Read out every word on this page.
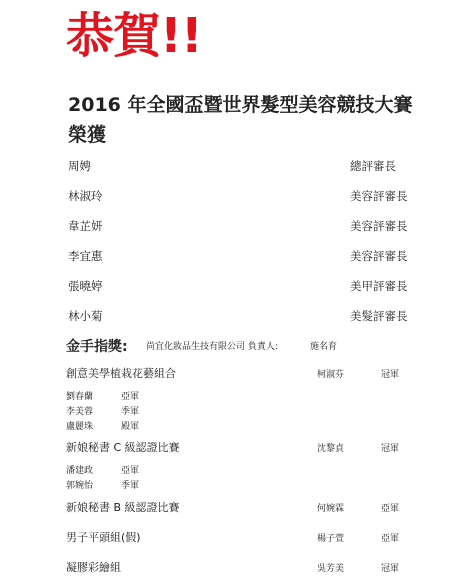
恭賀!!
2016 年全國盃暨世界髮型美容競技大賽
榮獲
周娉	總評審長
林淑玲	美容評審長
韋芷妍	美容評審長
李宜惠	美容評審長
張曉婷	美甲評審長
林小菊	美髮評審長
金手指獎: 尚宜化妝品生技有限公司 負責人:	施名育
創意美學植栽花藝組合	柯淑芬	冠軍
劉春蘭	亞軍
李美蓉	季軍
盧麗珠	殿軍
新娘秘書 C 級認證比賽	沈黎貞	冠軍
潘建政	亞軍
郭婉怡	季軍
新娘秘書 B 級認證比賽	何婉霖	亞軍
男子平頭組(假)	楊子萱	亞軍
凝膠彩繪組	吳芳美	冠軍
